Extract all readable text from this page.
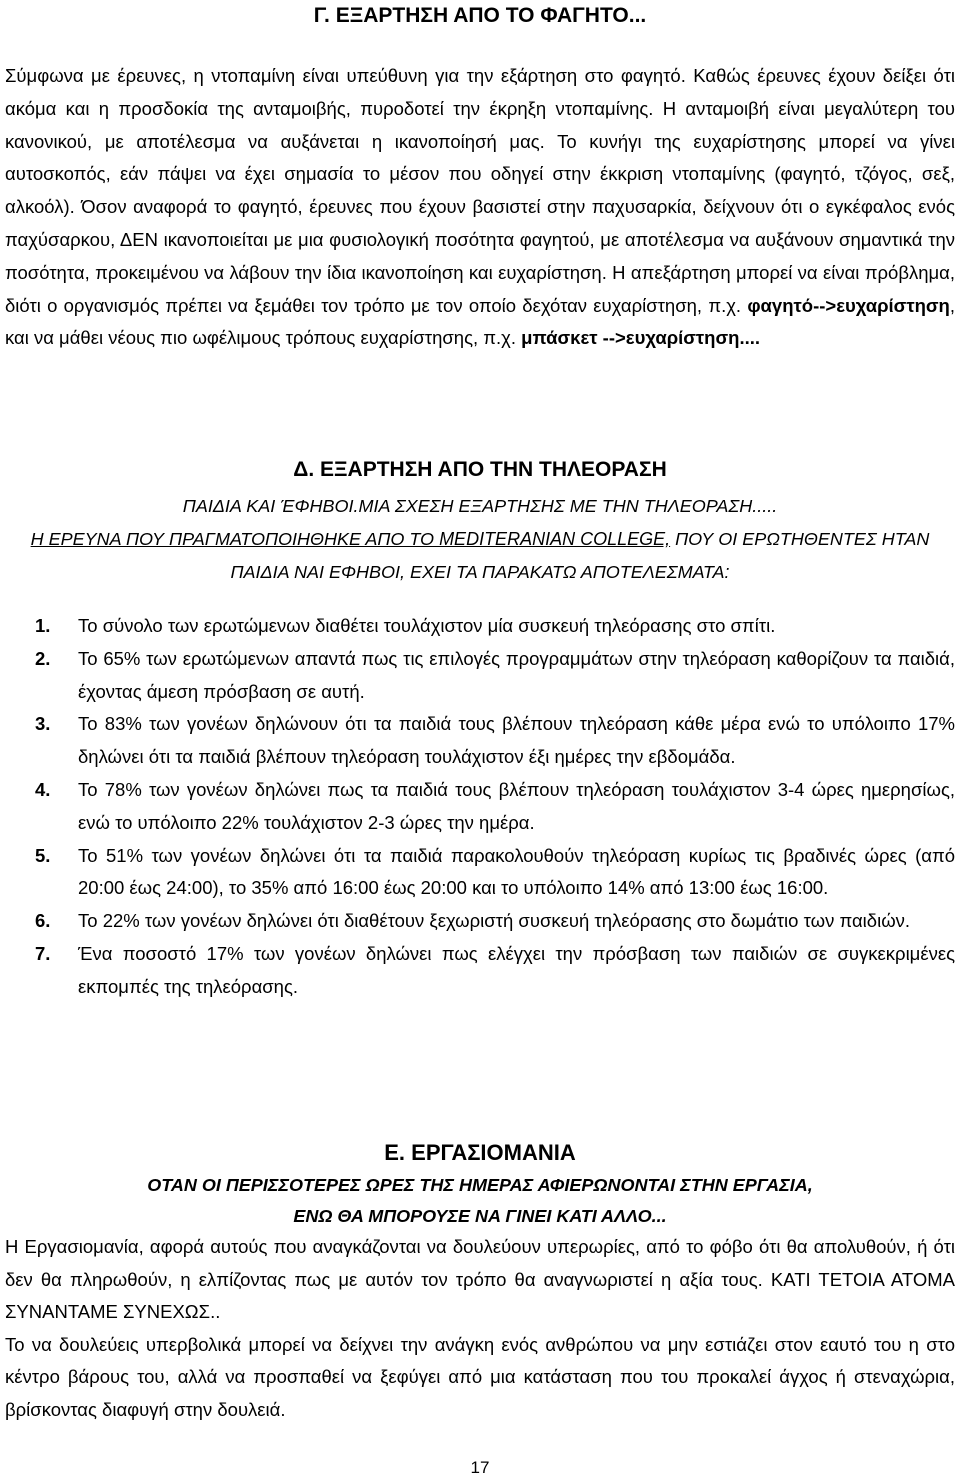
Γ. ΕΞΑΡΤΗΣΗ ΑΠΟ ΤΟ ΦΑΓΗΤΟ...

Σύμφωνα με έρευνες, η ντοπαμίνη είναι υπεύθυνη για την εξάρτηση στο φαγητό. Καθώς έρευνες έχουν δείξει ότι ακόμα και η προσδοκία της ανταμοιβής, πυροδοτεί την έκρηξη ντοπαμίνης. Η ανταμοιβή είναι μεγαλύτερη του κανονικού, με αποτέλεσμα να αυξάνεται η ικανοποίησή μας. Το κυνήγι της ευχαρίστησης μπορεί να γίνει αυτοσκοπός, εάν πάψει να έχει σημασία το μέσον που οδηγεί στην έκκριση ντοπαμίνης (φαγητό, τζόγος, σεξ, αλκοόλ). Όσον αναφορά το φαγητό, έρευνες που έχουν βασιστεί στην παχυσαρκία, δείχνουν ότι ο εγκέφαλος ενός παχύσαρκου, ΔΕΝ ικανοποιείται με μια φυσιολογική ποσότητα φαγητού, με αποτέλεσμα να αυξάνουν σημαντικά την ποσότητα, προκειμένου να λάβουν την ίδια ικανοποίηση και ευχαρίστηση. Η απεξάρτηση μπορεί να είναι πρόβλημα, διότι ο οργανισμός πρέπει να ξεμάθει τον τρόπο με τον οποίο δεχόταν ευχαρίστηση, π.χ. φαγητό-->ευχαρίστηση, και να μάθει νέους πιο ωφέλιμους τρόπους ευχαρίστησης, π.χ. μπάσκετ -->ευχαρίστηση....

Δ. ΕΞΑΡΤΗΣΗ ΑΠΟ ΤΗΝ ΤΗΛΕΟΡΑΣΗ
ΠΑΙΔΙΑ ΚΑΙ ΈΦΗΒΟΙ.ΜΙΑ ΣΧΕΣΗ ΕΞΑΡΤΗΣΗΣ ΜΕ ΤΗΝ ΤΗΛΕΟΡΑΣΗ.....
Η ΕΡΕΥΝΑ ΠΟΥ ΠΡΑΓΜΑΤΟΠΟΙΗΘΗΚΕ ΑΠΟ ΤΟ MEDITERANIAN COLLEGE, ΠΟΥ ΟΙ ΕΡΩΤΗΘΕΝΤΕΣ ΗΤΑΝ ΠΑΙΔΙΑ ΝΑΙ ΕΦΗΒΟΙ, ΕΧΕΙ ΤΑ ΠΑΡΑΚΑΤΩ ΑΠΟΤΕΛΕΣΜΑΤΑ:
1. Το σύνολο των ερωτώμενων διαθέτει τουλάχιστον μία συσκευή τηλεόρασης στο σπίτι.
2. Το 65% των ερωτώμενων απαντά πως τις επιλογές προγραμμάτων στην τηλεόραση καθορίζουν τα παιδιά, έχοντας άμεση πρόσβαση σε αυτή.
3. Το 83% των γονέων δηλώνουν ότι τα παιδιά τους βλέπουν τηλεόραση κάθε μέρα ενώ το υπόλοιπο 17% δηλώνει ότι τα παιδιά βλέπουν τηλεόραση τουλάχιστον έξι ημέρες την εβδομάδα.
4. Το 78% των γονέων δηλώνει πως τα παιδιά τους βλέπουν τηλεόραση τουλάχιστον 3-4 ώρες ημερησίως, ενώ το υπόλοιπο 22% τουλάχιστον 2-3 ώρες την ημέρα.
5. Το 51% των γονέων δηλώνει ότι τα παιδιά παρακολουθούν τηλεόραση κυρίως τις βραδινές ώρες (από 20:00 έως 24:00), το 35% από 16:00 έως 20:00 και το υπόλοιπο 14% από 13:00 έως 16:00.
6. Το 22% των γονέων δηλώνει ότι διαθέτουν ξεχωριστή συσκευή τηλεόρασης στο δωμάτιο των παιδιών.
7. Ένα ποσοστό 17% των γονέων δηλώνει πως ελέγχει την πρόσβαση των παιδιών σε συγκεκριμένες εκπομπές της τηλεόρασης.
Ε. ΕΡΓΑΣΙΟΜΑΝΙΑ
ΟΤΑΝ ΟΙ ΠΕΡΙΣΣΟΤΕΡΕΣ ΩΡΕΣ ΤΗΣ ΗΜΕΡΑΣ ΑΦΙΕΡΩΝΟΝΤΑΙ ΣΤΗΝ ΕΡΓΑΣΙΑ,
ΕΝΩ ΘΑ ΜΠΟΡΟΥΣΕ ΝΑ ΓΙΝΕΙ ΚΑΤΙ ΑΛΛΟ...

Η Εργασιομανία, αφορά αυτούς που αναγκάζονται να δουλεύουν υπερωρίες, από το φόβο ότι θα απολυθούν, ή ότι δεν θα πληρωθούν, η ελπίζοντας πως με αυτόν τον τρόπο θα αναγνωριστεί η αξία τους. ΚΑΤΙ ΤΕΤΟΙΑ ΑΤΟΜΑ ΣΥΝΑΝΤΑΜΕ ΣΥΝΕΧΩΣ..

Το να δουλεύεις υπερβολικά μπορεί να δείχνει την ανάγκη ενός ανθρώπου να μην εστιάζει στον εαυτό του η στο κέντρο βάρους του, αλλά να προσπαθεί να ξεφύγει από μια κατάσταση που του προκαλεί άγχος ή στεναχώρια, βρίσκοντας διαφυγή στην δουλειά.

17
